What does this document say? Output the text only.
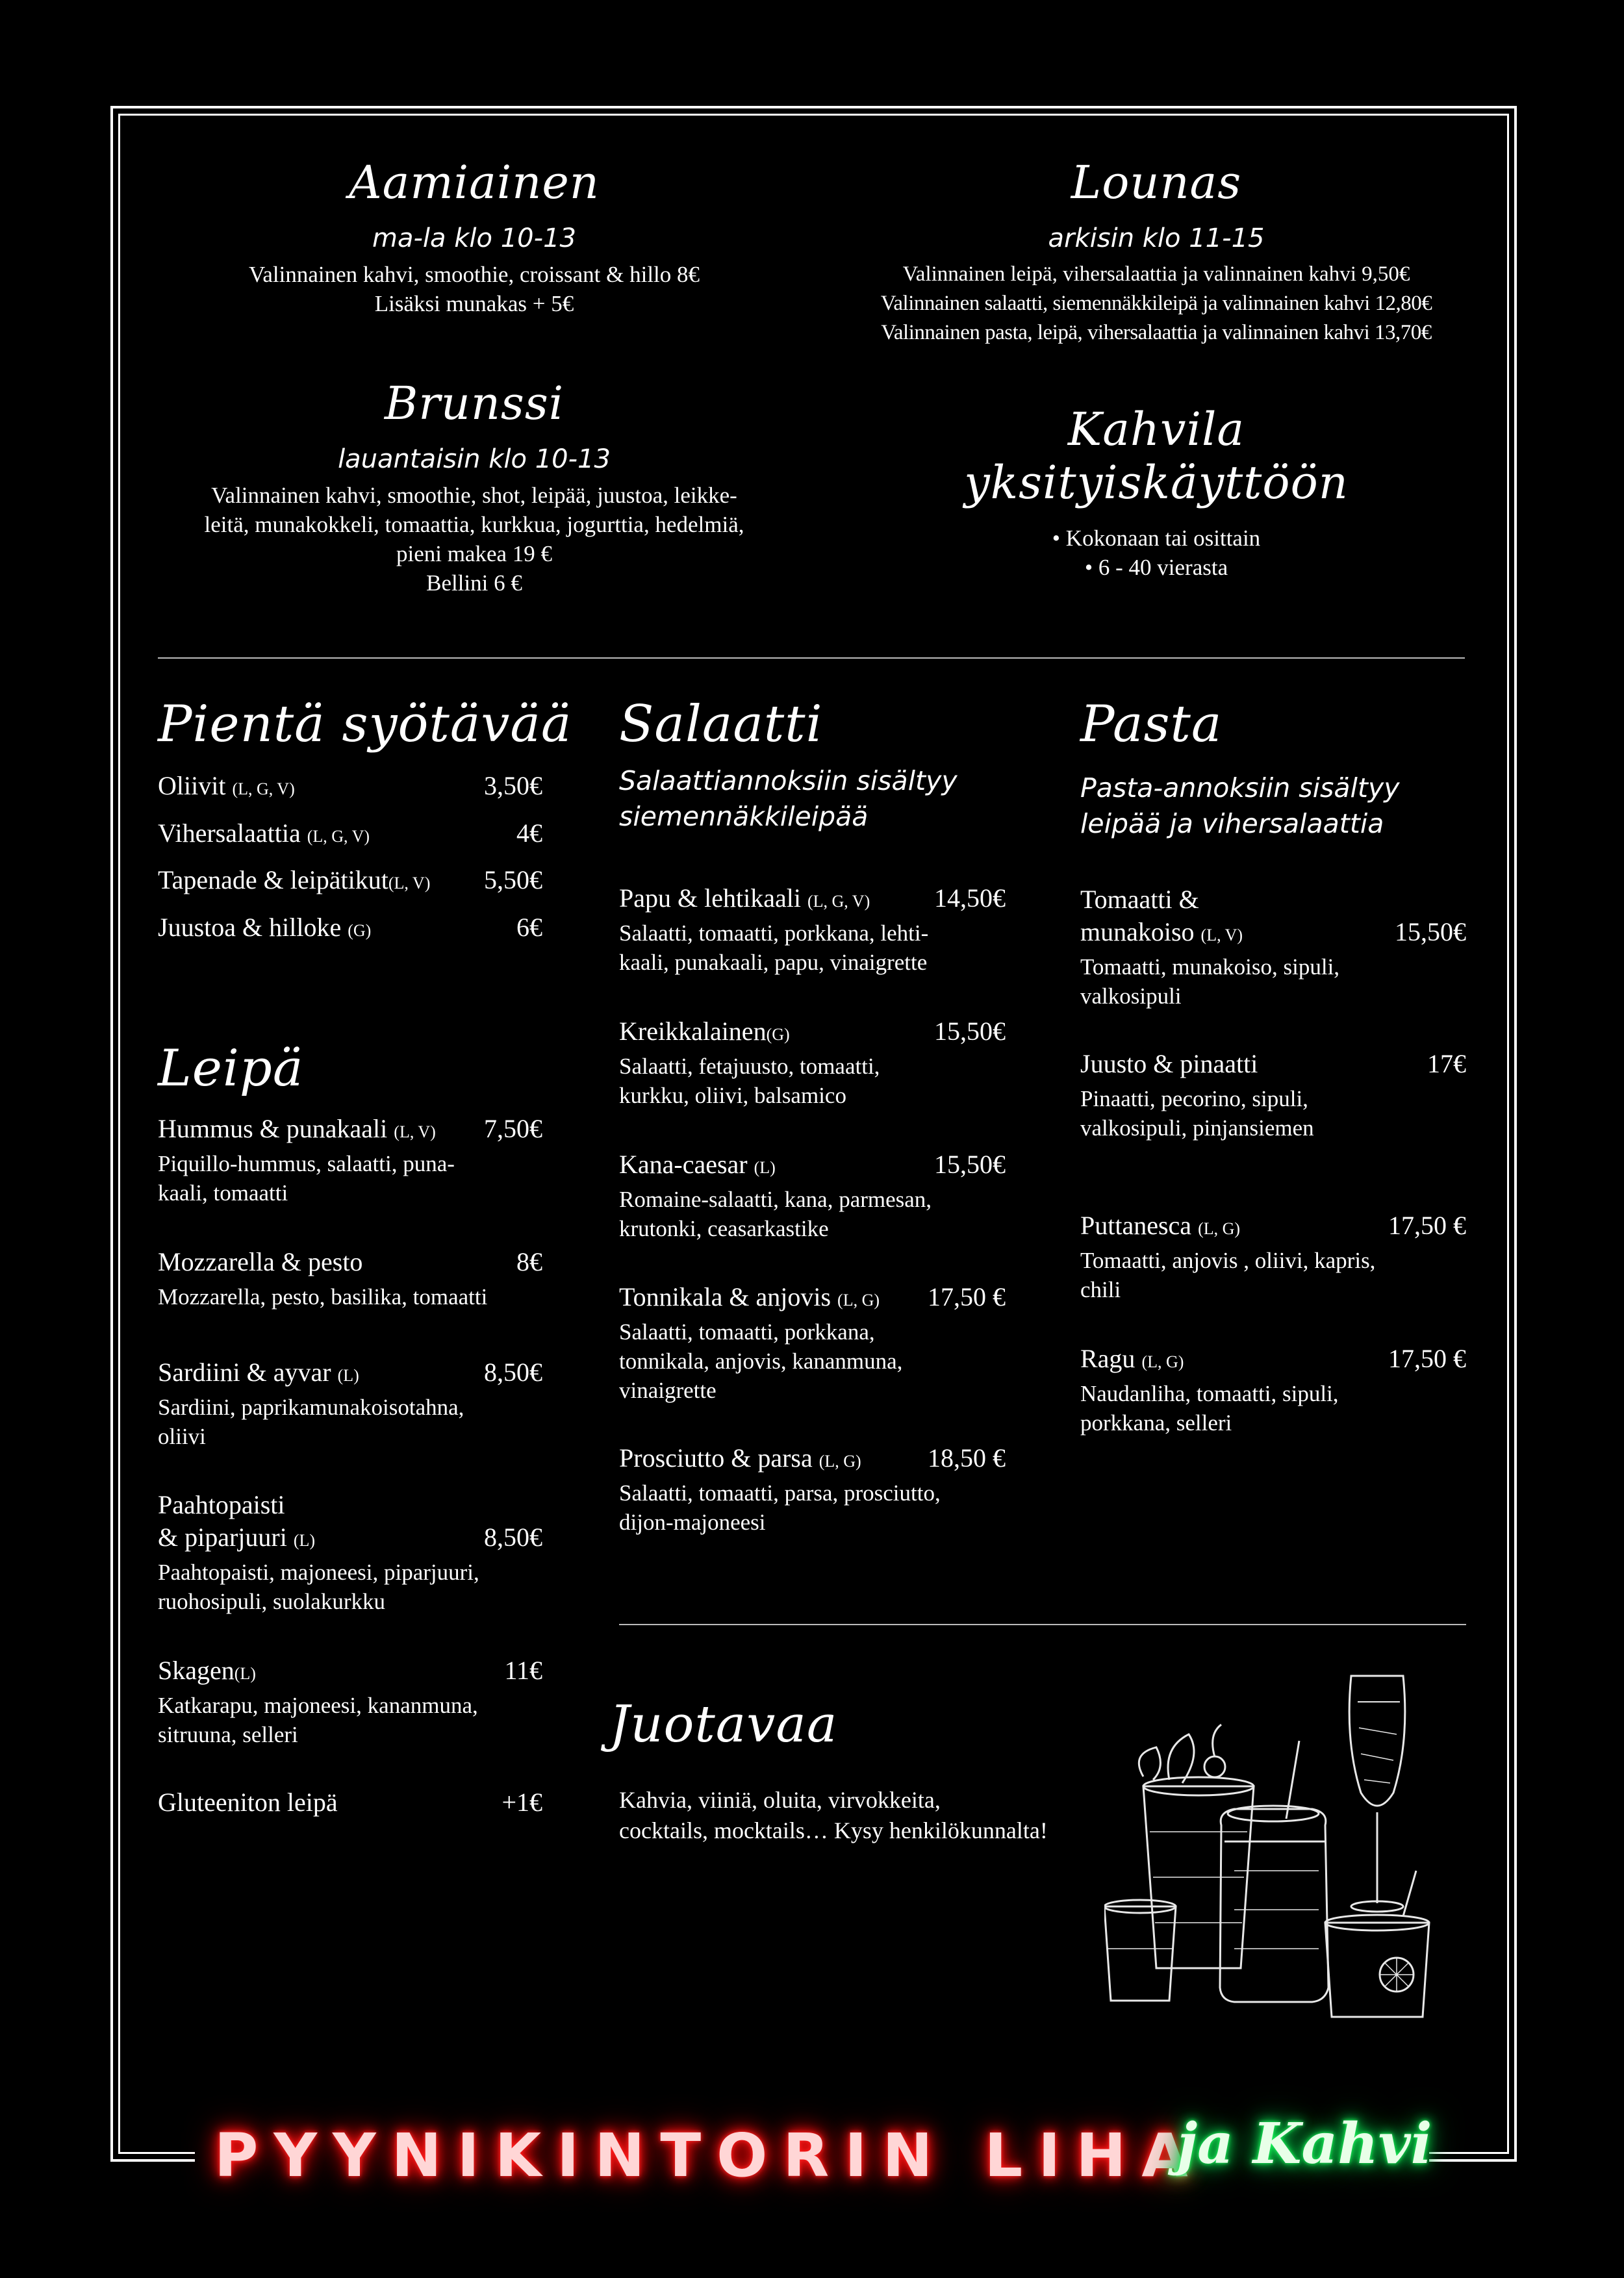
Aamiainen
ma-la klo 10-13
Valinnainen kahvi, smoothie, croissant & hillo 8€
Lisäksi munakas + 5€
Lounas
arkisin klo 11-15
Valinnainen leipä, vihersalaattia ja valinnainen kahvi 9,50€
Valinnainen salaatti, siemennäkkileipä ja valinnainen kahvi 12,80€
Valinnainen pasta, leipä, vihersalaattia ja valinnainen kahvi 13,70€
Brunssi
lauantaisin klo 10-13
Valinnainen kahvi, smoothie, shot, leipää, juustoa, leikke-
leitä, munakokkeli, tomaattia, kurkkua, jogurttia, hedelmiä,
pieni makea 19 €
Bellini 6 €
Kahvila
yksityiskäyttöön
• Kokonaan tai osittain
• 6 - 40 vierasta
Pientä syötävää
Oliivit (L, G, V)	3,50€
Vihersalaattia (L, G, V)	4€
Tapenade & leipätikut(L, V) 5,50€
Juustoa & hilloke (G)	6€
Leipä
Hummus & punakaali (L, V) 7,50€
Piquillo-hummus, salaatti, puna-
kaali, tomaatti
Mozzarella & pesto	8€
Mozzarella, pesto, basilika, tomaatti
Sardiini & ayvar (L)	8,50€
Sardiini, paprikamunakoisotahna,
oliivi
Paahtopaisti
& piparjuuri (L)	8,50€
Paahtopaisti, majoneesi, piparjuuri,
ruohosipuli, suolakurkku
Skagen(L)	11€
Katkarapu, majoneesi, kananmuna,
sitruuna, selleri
Gluteeniton leipä	+1€
Salaatti
Salaattiannoksiin sisältyy
siemennäkkileipää
Papu & lehtikaali (L, G, V) 14,50€
Salaatti, tomaatti, porkkana, lehti-
kaali, punakaali, papu, vinaigrette
Kreikkalainen(G)	15,50€
Salaatti, fetajuusto, tomaatti,
kurkku, oliivi, balsamico
Kana-caesar (L)	15,50€
Romaine-salaatti, kana, parmesan,
krutonki, ceasarkastike
Tonnikala & anjovis (L, G) 17,50 €
Salaatti, tomaatti, porkkana,
tonnikala, anjovis, kananmuna,
vinaigrette
Prosciutto & parsa (L, G)	18,50 €
Salaatti, tomaatti, parsa, prosciutto,
dijon-majoneesi
Pasta
Pasta-annoksiin sisältyy
leipää ja vihersalaattia
Tomaatti &
munakoiso (L, V)	15,50€
Tomaatti, munakoiso, sipuli,
valkosipuli
Juusto & pinaatti	17€
Pinaatti, pecorino, sipuli,
valkosipuli, pinjansiemen
Puttanesca (L, G)	17,50 €
Tomaatti, anjovis , oliivi, kapris,
chili
Ragu (L, G)	17,50 €
Naudanliha, tomaatti, sipuli,
porkkana, selleri
Juotavaa
Kahvia, viiniä, oluita, virvokkeita,
cocktails, mocktails… Kysy henkilökunnalta!
PYYNIKINTORIN LIHA
ja Kahvi
